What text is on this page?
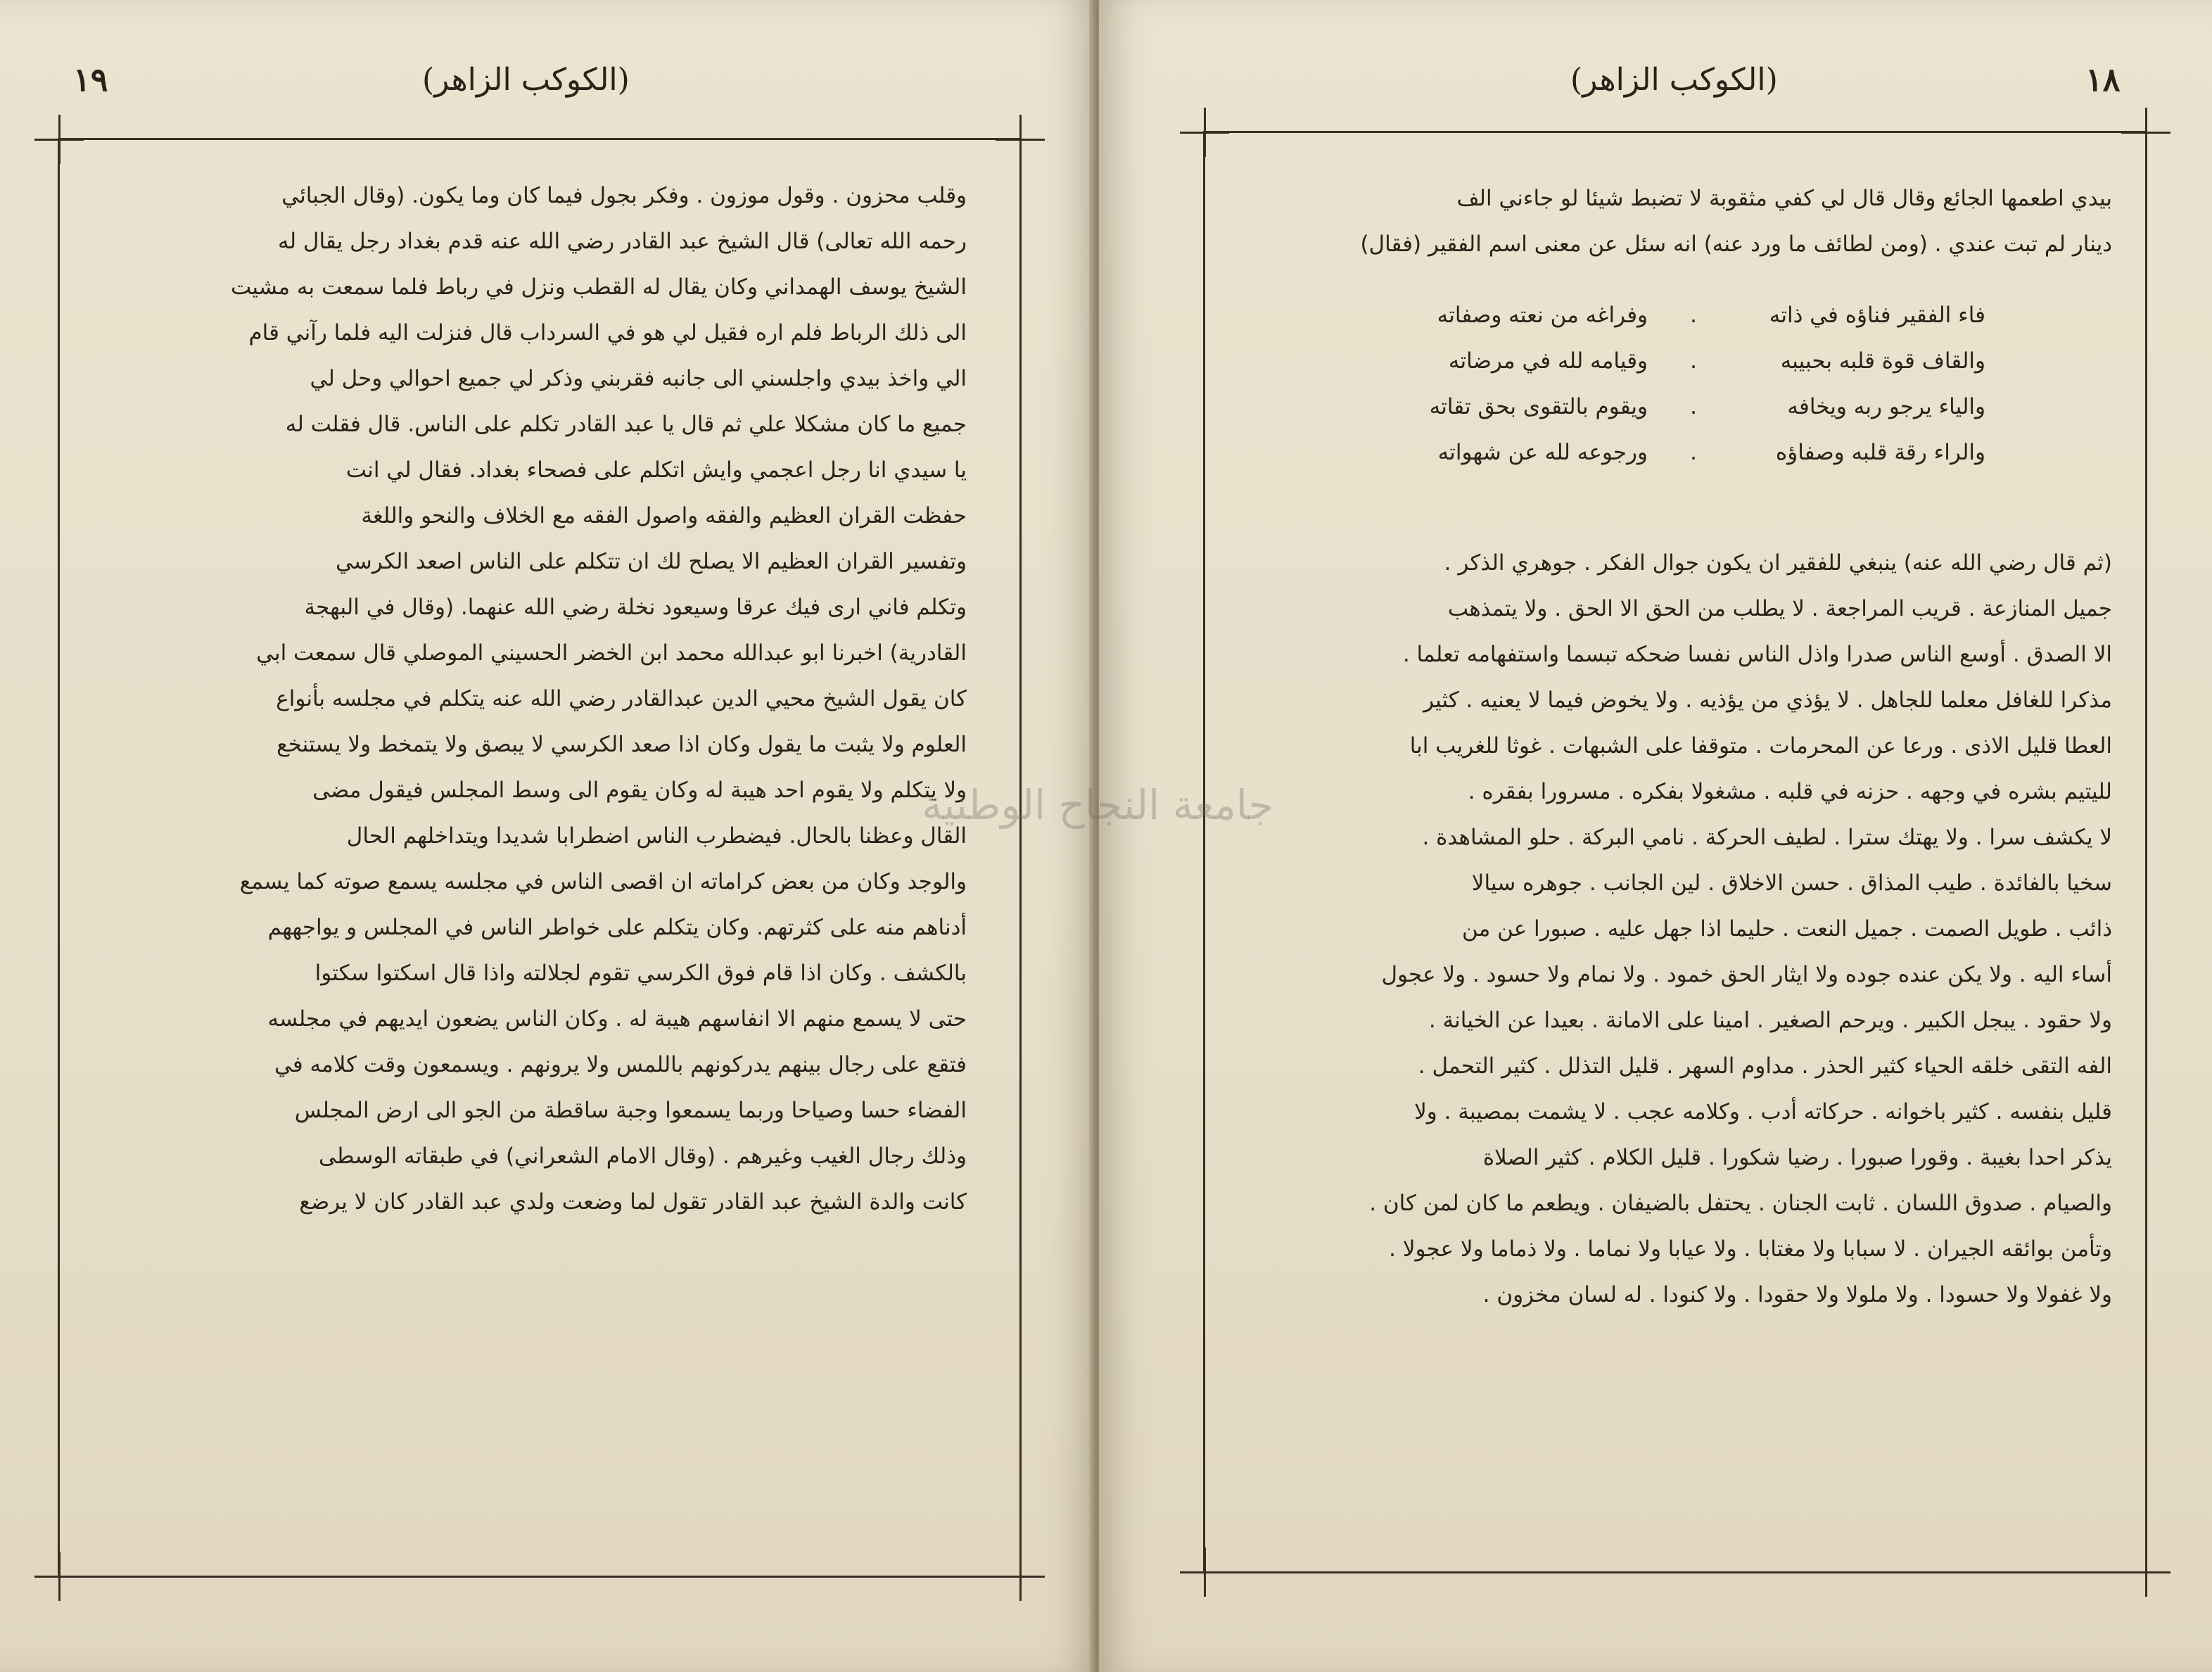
١٩	(الكوكب الزاهر)
وقلب محزون . وقول موزون . وفكر بجول فيما كان وما يكون. (وقال الجبائي
رحمه الله تعالى) قال الشيخ عبد القادر رضي الله عنه قدم بغداد رجل يقال له
الشيخ يوسف الهمداني وكان يقال له القطب ونزل في رباط فلما سمعت به مشيت
الى ذلك الرباط فلم اره فقيل لي هو في السرداب قال فنزلت اليه فلما رآني قام
الي واخذ بيدي واجلسني الى جانبه فقربني وذكر لي جميع احوالي وحل لي
جميع ما كان مشكلا علي ثم قال يا عبد القادر تكلم على الناس. قال فقلت له
يا سيدي انا رجل اعجمي وايش اتكلم على فصحاء بغداد. فقال لي انت
حفظت القران العظيم والفقه واصول الفقه مع الخلاف والنحو واللغة
وتفسير القران العظيم الا يصلح لك ان تتكلم على الناس اصعد الكرسي
وتكلم فاني ارى فيك عرقا وسيعود نخلة رضي الله عنهما. (وقال في البهجة
القادرية) اخبرنا ابو عبدالله محمد ابن الخضر الحسيني الموصلي قال سمعت ابي
كان يقول الشيخ محيي الدين عبدالقادر رضي الله عنه يتكلم في مجلسه بأنواع
العلوم ولا يثبت ما يقول وكان اذا صعد الكرسي لا يبصق ولا يتمخط ولا يستنخع
ولا يتكلم ولا يقوم احد هيبة له وكان يقوم الى وسط المجلس فيقول مضى
القال وعظنا بالحال. فيضطرب الناس اضطرابا شديدا ويتداخلهم الحال
والوجد وكان من بعض كراماته ان اقصى الناس في مجلسه يسمع صوته كما يسمع
أدناهم منه على كثرتهم. وكان يتكلم على خواطر الناس في المجلس و يواجههم
بالكشف . وكان اذا قام فوق الكرسي تقوم لجلالته واذا قال اسكتوا سكتوا
حتى لا يسمع منهم الا انفاسهم هيبة له . وكان الناس يضعون ايديهم في مجلسه
فتقع على رجال بينهم يدركونهم باللمس ولا يرونهم . ويسمعون وقت كلامه في
الفضاء حسا وصياحا وربما يسمعوا وجبة ساقطة من الجو الى ارض المجلس
وذلك رجال الغيب وغيرهم . (وقال الامام الشعراني) في طبقاته الوسطى
كانت والدة الشيخ عبد القادر تقول لما وضعت ولدي عبد القادر كان لا يرضع
١٨
(الكوكب الزاهر)
بيدي اطعمها الجائع وقال قال لي كفي مثقوبة لا تضبط شيئا لو جاءني الف
دينار لم تبت عندي . (ومن لطائف ما ورد عنه) انه سئل عن معنى اسم الفقير (فقال)
فاء الفقير فناؤه في ذاته
.
وفراغه من نعته وصفاته
والقاف قوة قلبه بحبيبه
.
وقيامه لله في مرضاته
والياء يرجو ربه ويخافه
.
ويقوم بالتقوى بحق تقاته
والراء رقة قلبه وصفاؤه
.
ورجوعه لله عن شهواته
(ثم قال رضي الله عنه) ينبغي للفقير ان يكون جوال الفكر . جوهري الذكر .
جميل المنازعة . قريب المراجعة . لا يطلب من الحق الا الحق . ولا يتمذهب
الا الصدق . أوسع الناس صدرا واذل الناس نفسا ضحكه تبسما واستفهامه تعلما .
مذكرا للغافل معلما للجاهل . لا يؤذي من يؤذيه . ولا يخوض فيما لا يعنيه . كثير
العطا قليل الاذى . ورعا عن المحرمات . متوقفا على الشبهات . غوثا للغريب ابا
لليتيم بشره في وجهه . حزنه في قلبه . مشغولا بفكره . مسرورا بفقره .
لا يكشف سرا . ولا يهتك سترا . لطيف الحركة . نامي البركة . حلو المشاهدة .
سخيا بالفائدة . طيب المذاق . حسن الاخلاق . لين الجانب . جوهره سيالا
ذائب . طويل الصمت . جميل النعت . حليما اذا جهل عليه . صبورا عن من
أساء اليه . ولا يكن عنده جوده ولا ايثار الحق خمود . ولا نمام ولا حسود . ولا عجول
ولا حقود . يبجل الكبير . ويرحم الصغير . امينا على الامانة . بعيدا عن الخيانة .
الفه التقى خلقه الحياء كثير الحذر . مداوم السهر . قليل التذلل . كثير التحمل .
قليل بنفسه . كثير باخوانه . حركاته أدب . وكلامه عجب . لا يشمت بمصيبة . ولا
يذكر احدا بغيبة . وقورا صبورا . رضيا شكورا . قليل الكلام . كثير الصلاة
والصيام . صدوق اللسان . ثابت الجنان . يحتفل بالضيفان . ويطعم ما كان لمن كان .
وتأمن بوائقه الجيران . لا سبابا ولا مغتابا . ولا عيابا ولا نماما . ولا ذماما ولا عجولا .
ولا غفولا ولا حسودا . ولا ملولا ولا حقودا . ولا كنودا . له لسان مخزون .
جامعة النجاح الوطنية
